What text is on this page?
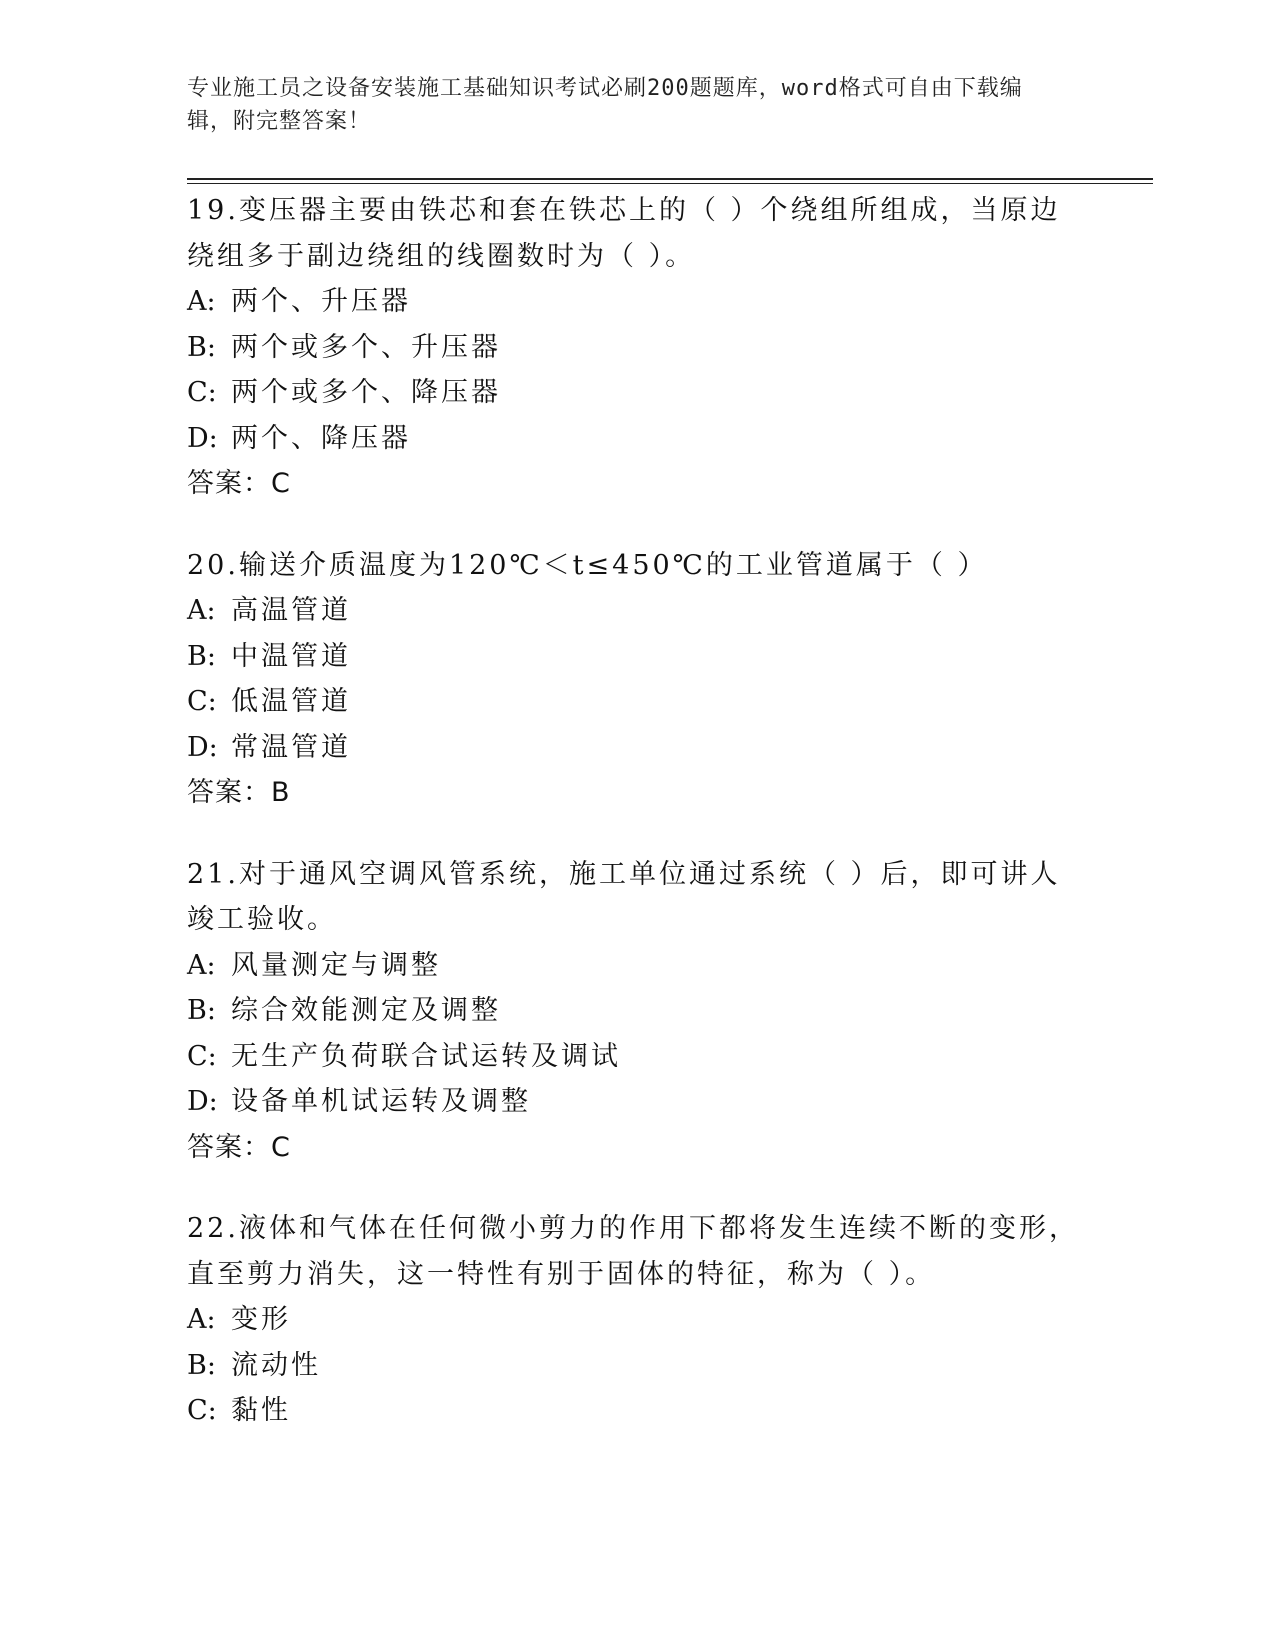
专业施工员之设备安装施工基础知识考试必刷200题题库，word格式可自由下载编辑，附完整答案！

19.变压器主要由铁芯和套在铁芯上的（ ）个绕组所组成，当原边绕组多于副边绕组的线圈数时为（ ）。

A: 两个、升压器

B: 两个或多个、升压器

C: 两个或多个、降压器

D: 两个、降压器

答案：C

20.输送介质温度为120℃＜t≤450℃的工业管道属于（ ）

A: 高温管道

B: 中温管道

C: 低温管道

D: 常温管道

答案：B

21.对于通风空调风管系统，施工单位通过系统（ ）后，即可讲人竣工验收。

A: 风量测定与调整

B: 综合效能测定及调整

C: 无生产负荷联合试运转及调试

D: 设备单机试运转及调整

答案：C

22.液体和气体在任何微小剪力的作用下都将发生连续不断的变形，直至剪力消失，这一特性有别于固体的特征，称为（ ）。

A: 变形

B: 流动性

C: 黏性
